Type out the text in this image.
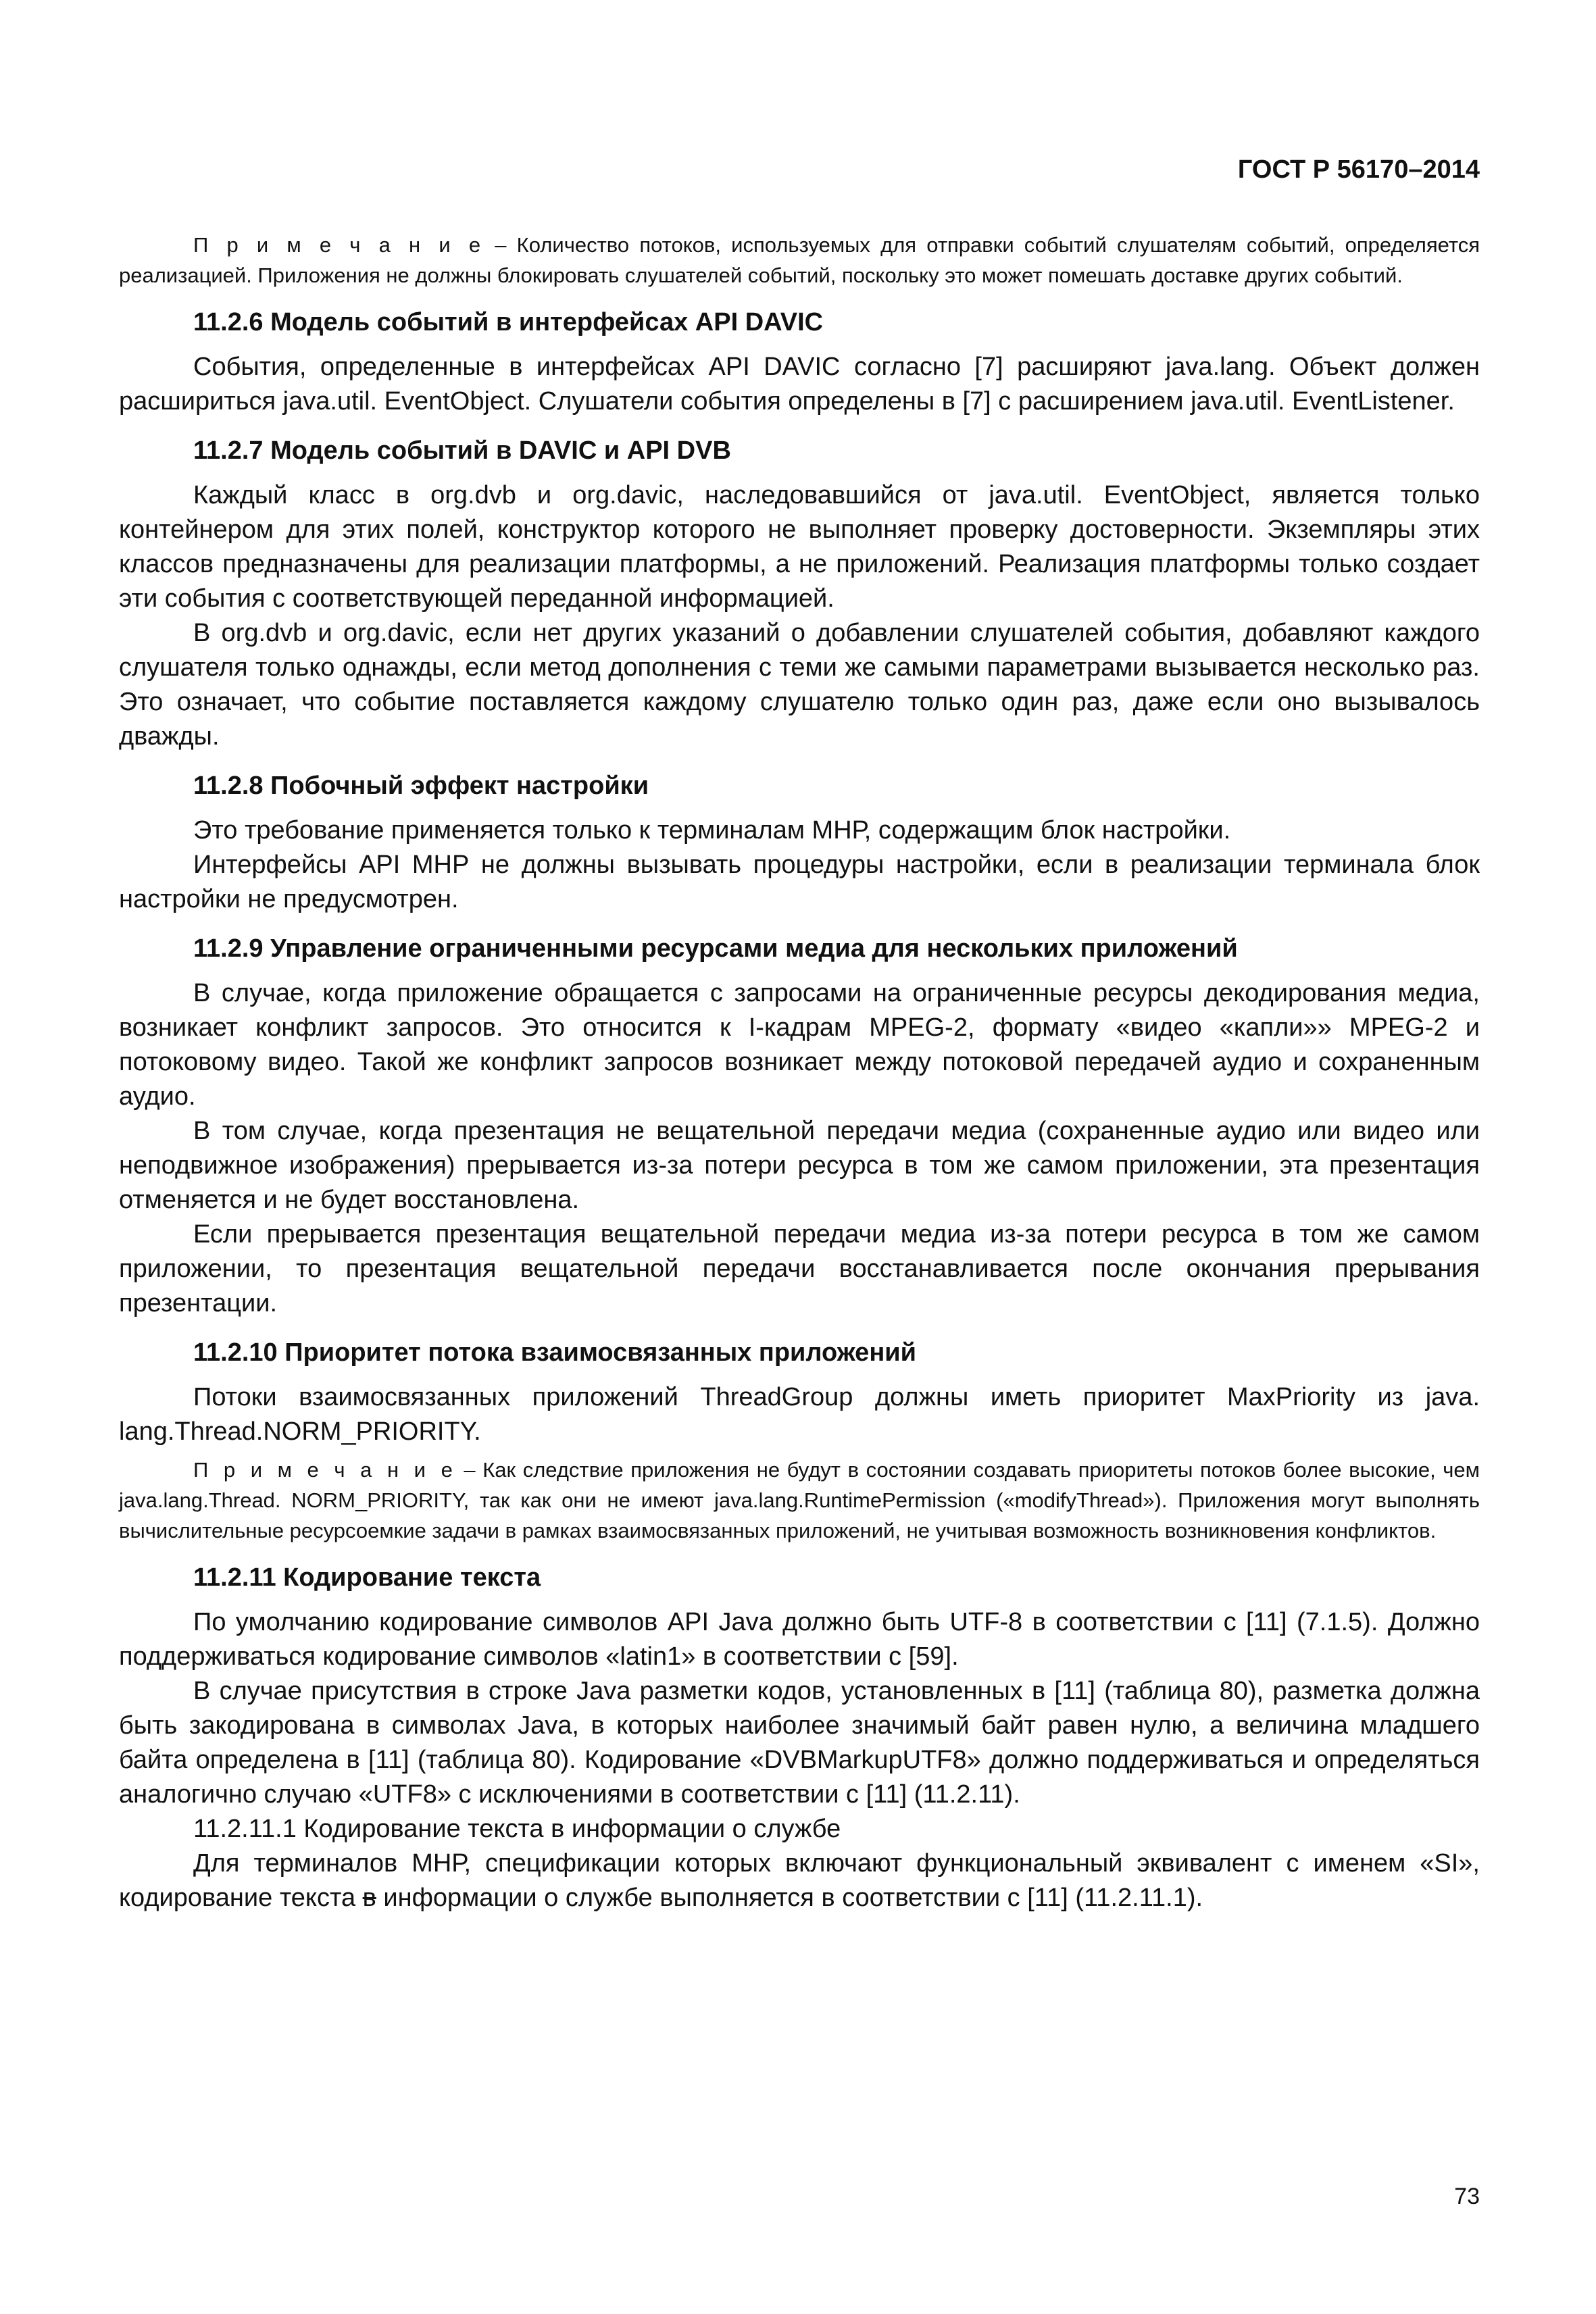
ГОСТ Р 56170–2014

П р и м е ч а н и е – Количество потоков, используемых для отправки событий слушателям событий, определяется реализацией. Приложения не должны блокировать слушателей событий, поскольку это может помешать доставке других событий.

11.2.6 Модель событий в интерфейсах API DAVIC

События, определенные в интерфейсах API DAVIC согласно [7] расширяют java.lang. Объект должен расшириться java.util. EventObject. Слушатели события определены в [7] с расширением java.util. EventListener.

11.2.7 Модель событий в DAVIC и API DVB

Каждый класс в org.dvb и org.davic, наследовавшийся от java.util. EventObject, является только контейнером для этих полей, конструктор которого не выполняет проверку достоверности. Экземпляры этих классов предназначены для реализации платформы, а не приложений. Реализация платформы только создает эти события с соответствующей переданной информацией.

В org.dvb и org.davic, если нет других указаний о добавлении слушателей события, добавляют каждого слушателя только однажды, если метод дополнения с теми же самыми параметрами вызывается несколько раз. Это означает, что событие поставляется каждому слушателю только один раз, даже если оно вызывалось дважды.

11.2.8 Побочный эффект настройки

Это требование применяется только к терминалам МНР, содержащим блок настройки.

Интерфейсы API МНР не должны вызывать процедуры настройки, если в реализации терминала блок настройки не предусмотрен.

11.2.9 Управление ограниченными ресурсами медиа для нескольких приложений

В случае, когда приложение обращается с запросами на ограниченные ресурсы декодирования медиа, возникает конфликт запросов. Это относится к I-кадрам MPEG-2, формату «видео «капли»» MPEG-2 и потоковому видео. Такой же конфликт запросов возникает между потоковой передачей аудио и сохраненным аудио.

В том случае, когда презентация не вещательной передачи медиа (сохраненные аудио или видео или неподвижное изображения) прерывается из-за потери ресурса в том же самом приложении, эта презентация отменяется и не будет восстановлена.

Если прерывается презентация вещательной передачи медиа из-за потери ресурса в том же самом приложении, то презентация вещательной передачи восстанавливается после окончания прерывания презентации.

11.2.10 Приоритет потока взаимосвязанных приложений

Потоки взаимосвязанных приложений ThreadGroup должны иметь приоритет MaxPriority из java. lang.Thread.NORM_PRIORITY.

П р и м е ч а н и е – Как следствие приложения не будут в состоянии создавать приоритеты потоков более высокие, чем java.lang.Thread. NORM_PRIORITY, так как они не имеют java.lang.RuntimePermission («modifyThread»). Приложения могут выполнять вычислительные ресурсоемкие задачи в рамках взаимосвязанных приложений, не учитывая возможность возникновения конфликтов.

11.2.11 Кодирование текста

По умолчанию кодирование символов API Java должно быть UTF-8 в соответствии с [11] (7.1.5). Должно поддерживаться кодирование символов «latin1» в соответствии с [59].

В случае присутствия в строке Java разметки кодов, установленных в [11] (таблица 80), разметка должна быть закодирована в символах Java, в которых наиболее значимый байт равен нулю, а величина младшего байта определена в [11] (таблица 80). Кодирование «DVBMarkupUTF8» должно поддерживаться и определяться аналогично случаю «UTF8» с исключениями в соответствии с [11] (11.2.11).

11.2.11.1 Кодирование текста в информации о службе

Для терминалов МНР, спецификации которых включают функциональный эквивалент с именем «SI», кодирование текста в информации о службе выполняется в соответствии с [11] (11.2.11.1).

73
